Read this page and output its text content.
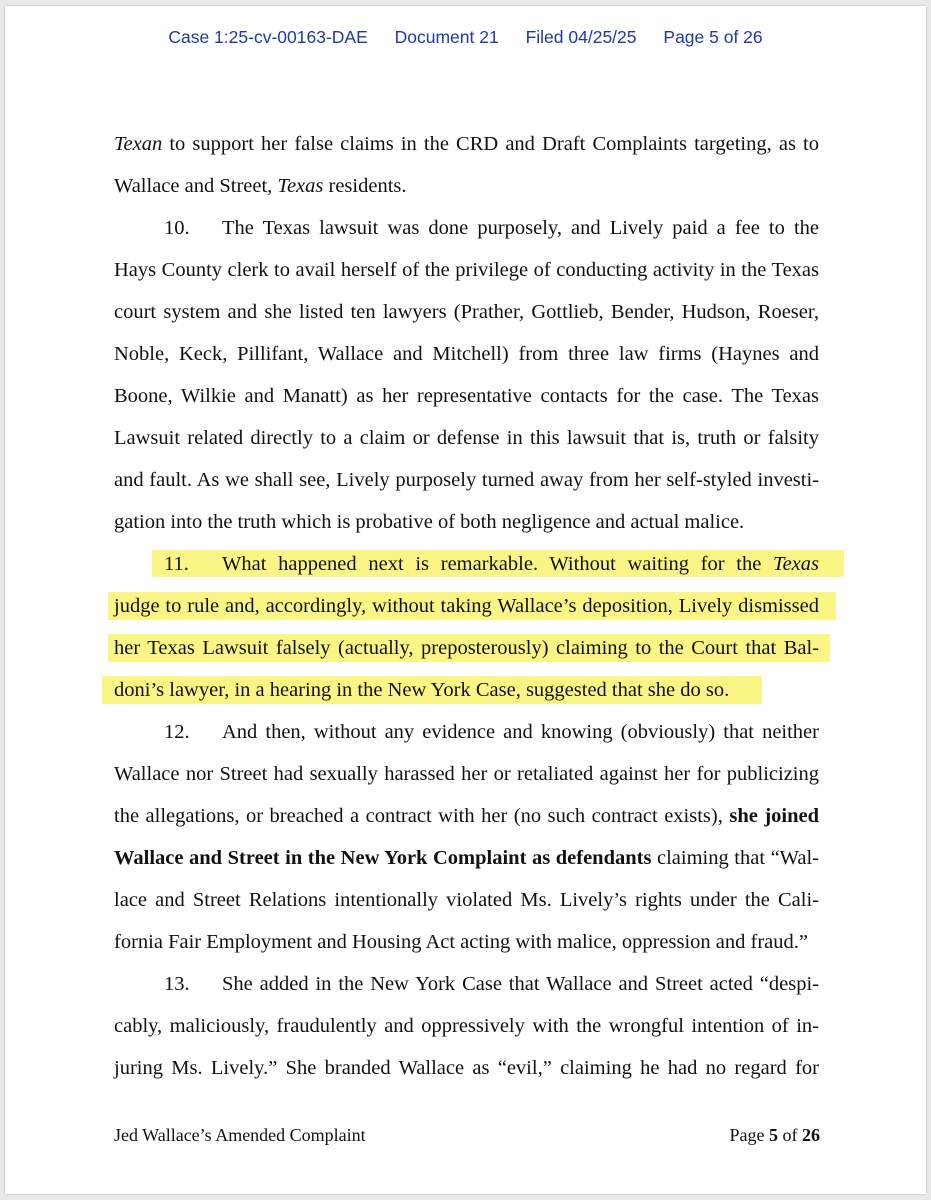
Case 1:25-cv-00163-DAE Document 21 Filed 04/25/25 Page 5 of 26
Texan to support her false claims in the CRD and Draft Complaints targeting, as to
Wallace and Street, Texas residents.
10. The Texas lawsuit was done purposely, and Lively paid a fee to the
Hays County clerk to avail herself of the privilege of conducting activity in the Texas
court system and she listed ten lawyers (Prather, Gottlieb, Bender, Hudson, Roeser,
Noble, Keck, Pillifant, Wallace and Mitchell) from three law firms (Haynes and
Boone, Wilkie and Manatt) as her representative contacts for the case. The Texas
Lawsuit related directly to a claim or defense in this lawsuit that is, truth or falsity
and fault. As we shall see, Lively purposely turned away from her self-styled investi-
gation into the truth which is probative of both negligence and actual malice.
11. What happened next is remarkable. Without waiting for the Texas
judge to rule and, accordingly, without taking Wallace’s deposition, Lively dismissed
her Texas Lawsuit falsely (actually, preposterously) claiming to the Court that Bal-
doni’s lawyer, in a hearing in the New York Case, suggested that she do so.
12. And then, without any evidence and knowing (obviously) that neither
Wallace nor Street had sexually harassed her or retaliated against her for publicizing
the allegations, or breached a contract with her (no such contract exists), she joined
Wallace and Street in the New York Complaint as defendants claiming that “Wal-
lace and Street Relations intentionally violated Ms. Lively’s rights under the Cali-
fornia Fair Employment and Housing Act acting with malice, oppression and fraud.”
13. She added in the New York Case that Wallace and Street acted “despi-
cably, maliciously, fraudulently and oppressively with the wrongful intention of in-
juring Ms. Lively.” She branded Wallace as “evil,” claiming he had no regard for
Jed Wallace’s Amended Complaint	Page 5 of 26
